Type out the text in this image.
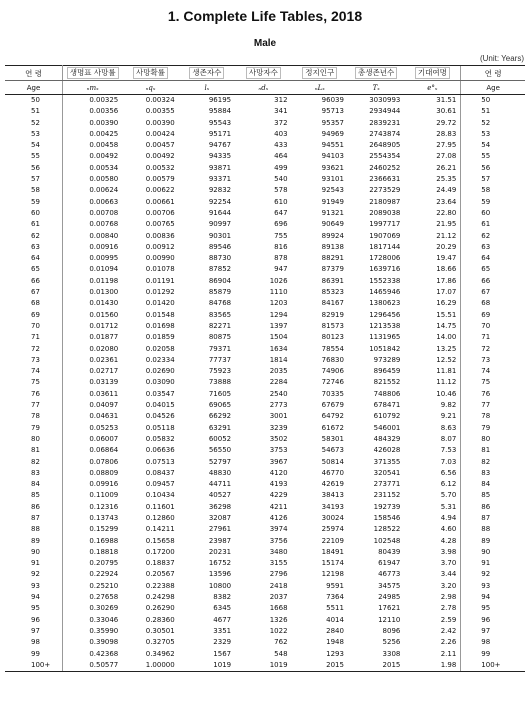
1. Complete Life Tables, 2018
Male
(Unit: Years)
연 령	생명표 사망률	사망확률	생존자수	사망자수	정지인구	총생존년수	기대여명	연 령
Age	ₙmₓ	ₙqₓ	lₓ	ₙdₓ	ₙLₓ	Tₓ	e°ₓ	Age
50	0.00325	0.00324	96195	312	96039	3030993	31.51	50
51	0.00356	0.00355	95884	341	95713	2934944	30.61	51
52	0.00390	0.00390	95543	372	95357	2839231	29.72	52
53	0.00425	0.00424	95171	403	94969	2743874	28.83	53
54	0.00458	0.00457	94767	433	94551	2648905	27.95	54
55	0.00492	0.00492	94335	464	94103	2554354	27.08	55
56	0.00534	0.00532	93871	499	93621	2460252	26.21	56
57	0.00580	0.00579	93371	540	93101	2366631	25.35	57
58	0.00624	0.00622	92832	578	92543	2273529	24.49	58
59	0.00663	0.00661	92254	610	91949	2180987	23.64	59
60	0.00708	0.00706	91644	647	91321	2089038	22.80	60
61	0.00768	0.00765	90997	696	90649	1997717	21.95	61
62	0.00840	0.00836	90301	755	89924	1907069	21.12	62
63	0.00916	0.00912	89546	816	89138	1817144	20.29	63
64	0.00995	0.00990	88730	878	88291	1728006	19.47	64
65	0.01094	0.01078	87852	947	87379	1639716	18.66	65
66	0.01198	0.01191	86904	1026	86391	1552338	17.86	66
67	0.01300	0.01292	85879	1110	85323	1465946	17.07	67
68	0.01430	0.01420	84768	1203	84167	1380623	16.29	68
69	0.01560	0.01548	83565	1294	82919	1296456	15.51	69
70	0.01712	0.01698	82271	1397	81573	1213538	14.75	70
71	0.01877	0.01859	80875	1504	80123	1131965	14.00	71
72	0.02080	0.02058	79371	1634	78554	1051842	13.25	72
73	0.02361	0.02334	77737	1814	76830	973289	12.52	73
74	0.02717	0.02690	75923	2035	74906	896459	11.81	74
75	0.03139	0.03090	73888	2284	72746	821552	11.12	75
76	0.03611	0.03547	71605	2540	70335	748806	10.46	76
77	0.04097	0.04015	69065	2773	67679	678471	9.82	77
78	0.04631	0.04526	66292	3001	64792	610792	9.21	78
79	0.05253	0.05118	63291	3239	61672	546001	8.63	79
80	0.06007	0.05832	60052	3502	58301	484329	8.07	80
81	0.06864	0.06636	56550	3753	54673	426028	7.53	81
82	0.07806	0.07513	52797	3967	50814	371355	7.03	82
83	0.08809	0.08437	48830	4120	46770	320541	6.56	83
84	0.09916	0.09457	44711	4193	42619	273771	6.12	84
85	0.11009	0.10434	40527	4229	38413	231152	5.70	85
86	0.12316	0.11601	36298	4211	34193	192739	5.31	86
87	0.13743	0.12860	32087	4126	30024	158546	4.94	87
88	0.15299	0.14211	27961	3974	25974	128522	4.60	88
89	0.16988	0.15658	23987	3756	22109	102548	4.28	89
90	0.18818	0.17200	20231	3480	18491	80439	3.98	90
91	0.20795	0.18837	16752	3155	15174	61947	3.70	91
92	0.22924	0.20567	13596	2796	12198	46773	3.44	92
93	0.25210	0.22388	10800	2418	9591	34575	3.20	93
94	0.27658	0.24298	8382	2037	7364	24985	2.98	94
95	0.30269	0.26290	6345	1668	5511	17621	2.78	95
96	0.33046	0.28360	4677	1326	4014	12110	2.59	96
97	0.35990	0.30501	3351	1022	2840	8096	2.42	97
98	0.39098	0.32705	2329	762	1948	5256	2.26	98
99	0.42368	0.34962	1567	548	1293	3308	2.11	99
100+	0.50577	1.00000	1019	1019	2015	2015	1.98	100+
